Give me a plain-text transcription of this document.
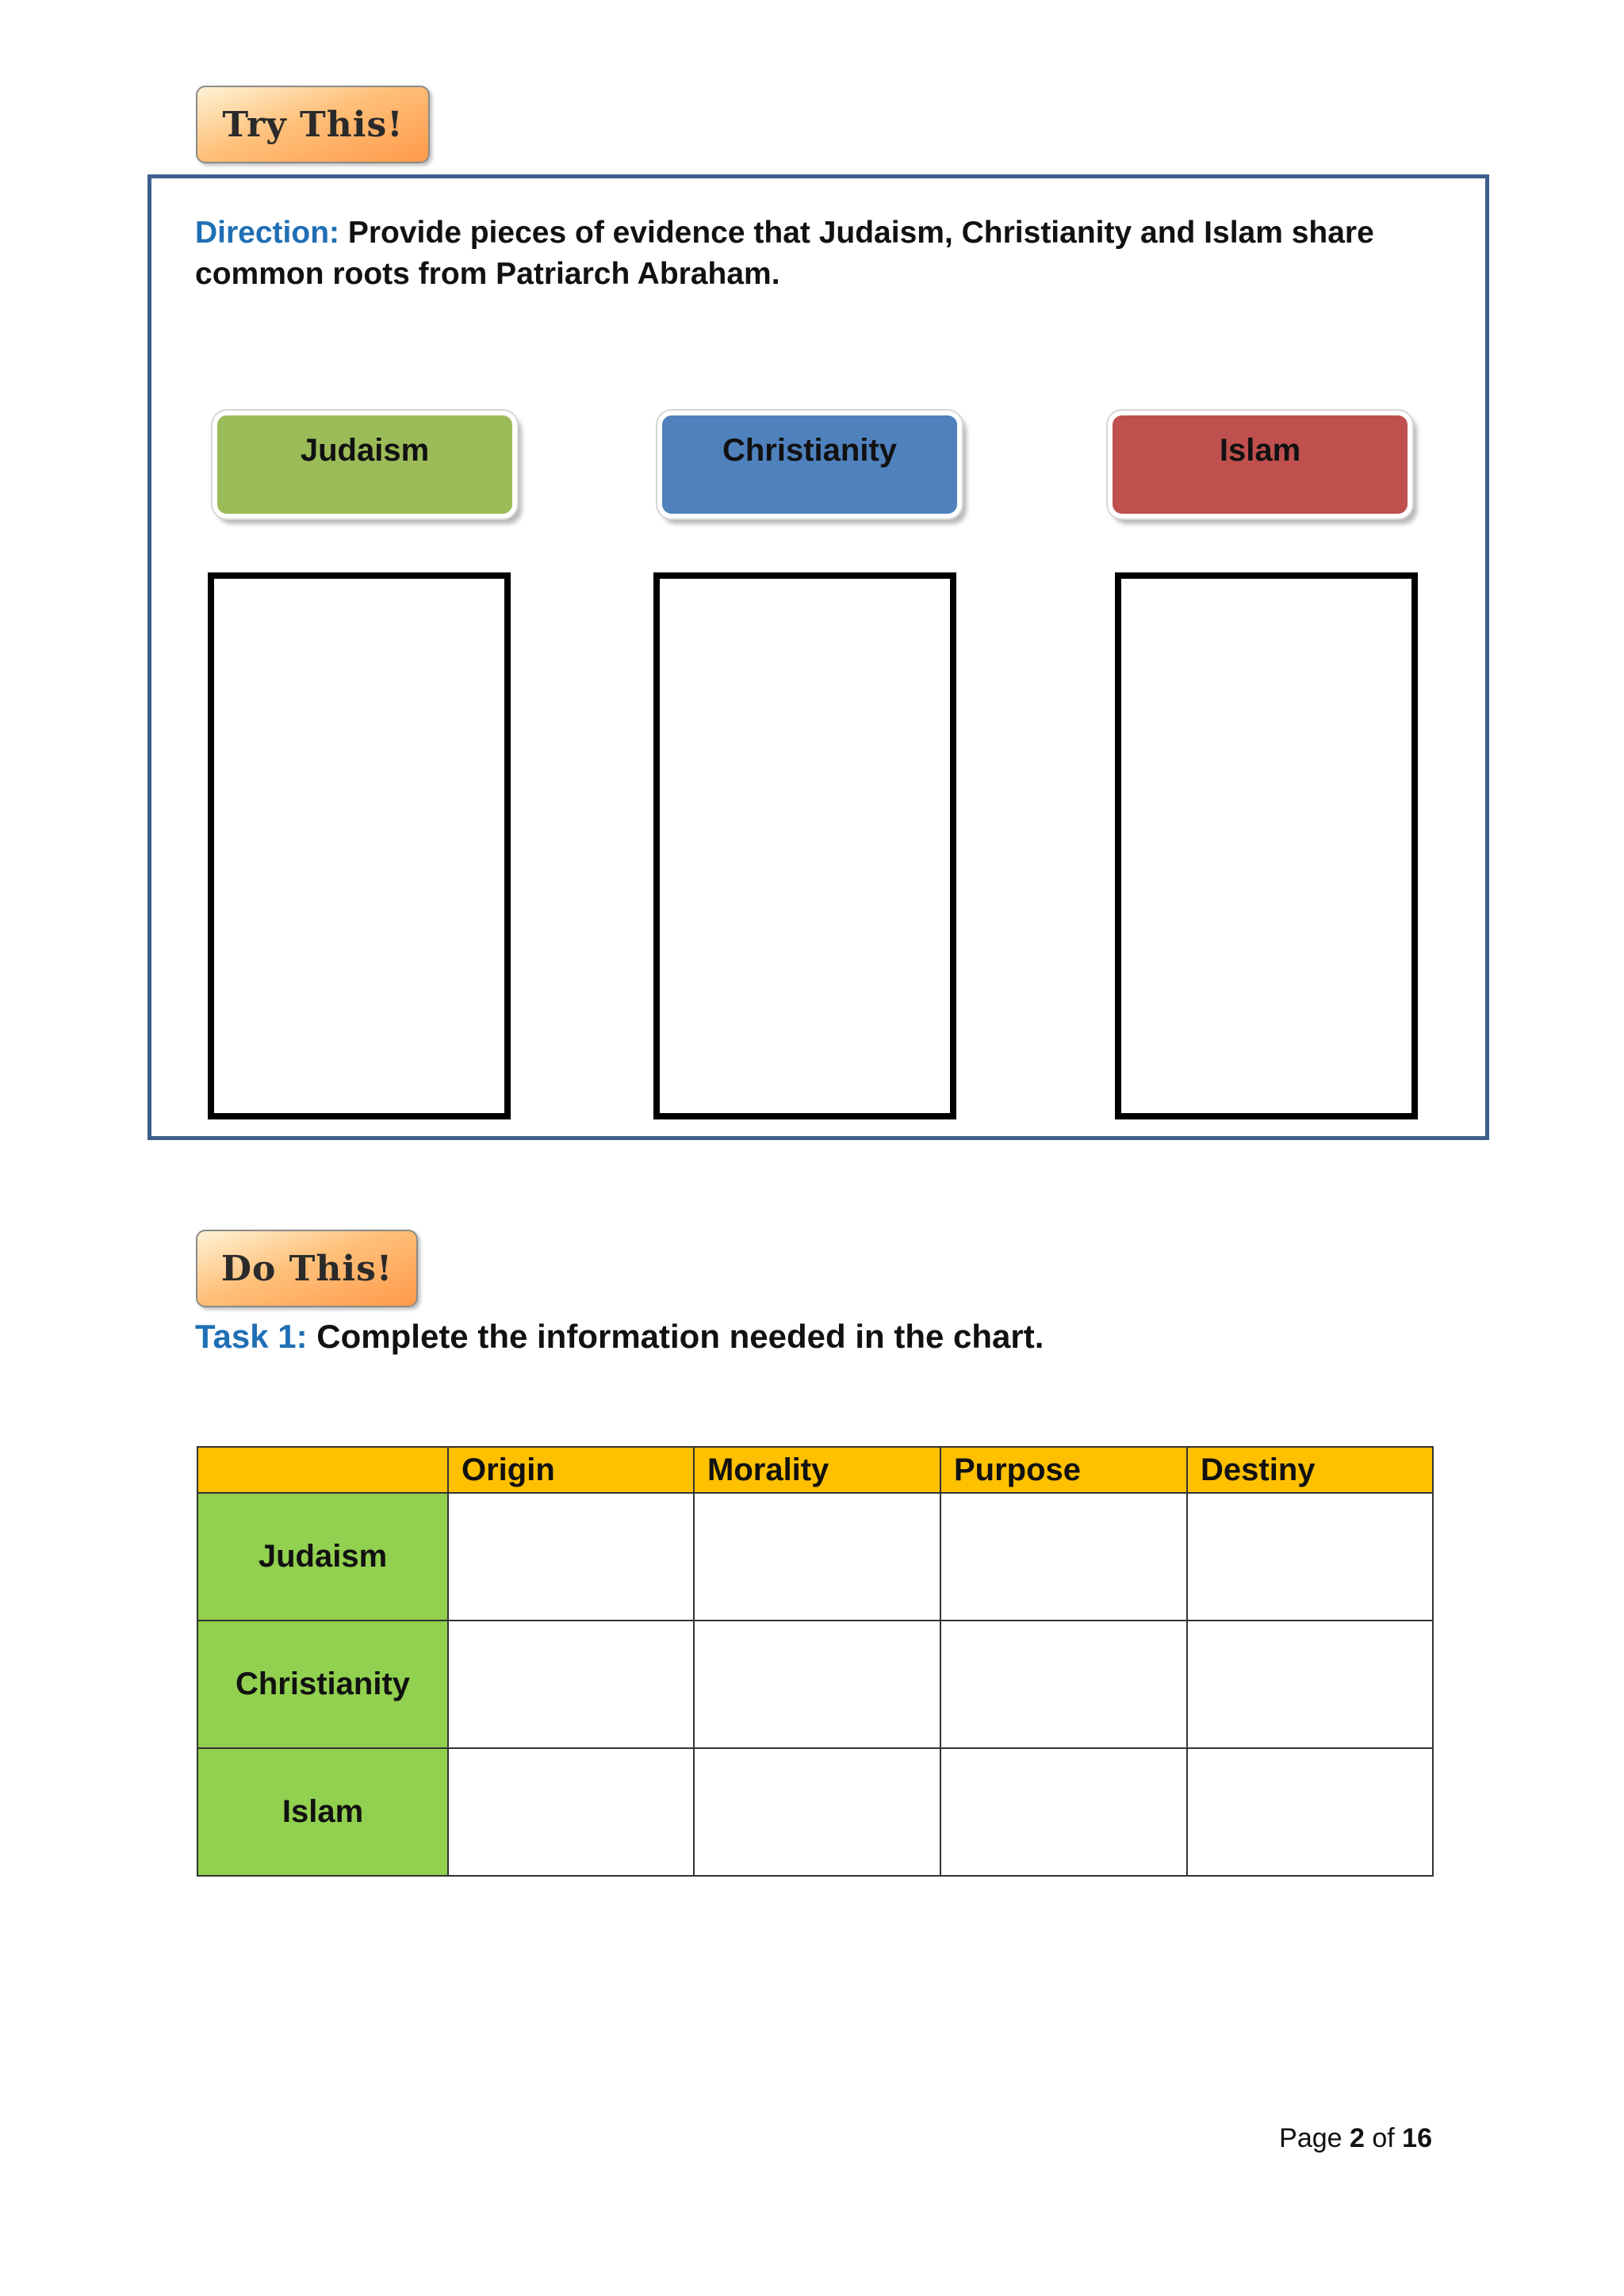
Try This!
Direction: Provide pieces of evidence that Judaism, Christianity and Islam share common roots from Patriarch Abraham.
Judaism	Christianity	Islam
Do This!
Task 1: Complete the information needed in the chart.
	Origin	Morality	Purpose	Destiny
Judaism				
Christianity				
Islam				
Page 2 of 16
